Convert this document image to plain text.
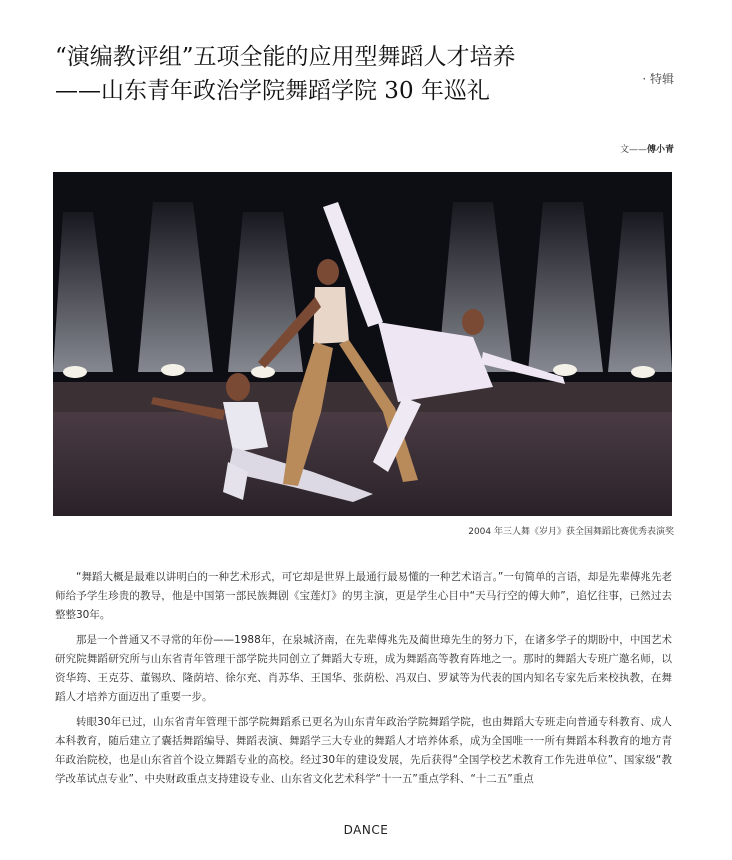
“演编教评组”五项全能的应用型舞蹈人才培养
——山东青年政治学院舞蹈学院 30 年巡礼	· 特辑
文——傅小青
2004 年三人舞《岁月》获全国舞蹈比赛优秀表演奖

“舞蹈大概是最难以讲明白的一种艺术形式，可它却是世界上最通行最易懂的一种艺术语言。”一句简单的言语，却是先辈傅兆先老师给予学生珍贵的教导，他是中国第一部民族舞剧《宝莲灯》的男主演，更是学生心目中“天马行空的傅大帅”，追忆往事，已然过去整整30年。

那是一个普通又不寻常的年份——1988年，在泉城济南，在先辈傅兆先及蔺世璋先生的努力下，在诸多学子的期盼中，中国艺术研究院舞蹈研究所与山东省青年管理干部学院共同创立了舞蹈大专班，成为舞蹈高等教育阵地之一。那时的舞蹈大专班广邀名师，以资华筠、王克芬、董锡玖、隆荫培、徐尔充、肖苏华、王国华、张荫松、冯双白、罗斌等为代表的国内知名专家先后来校执教，在舞蹈人才培养方面迈出了重要一步。

转眼30年已过，山东省青年管理干部学院舞蹈系已更名为山东青年政治学院舞蹈学院，也由舞蹈大专班走向普通专科教育、成人本科教育，随后建立了囊括舞蹈编导、舞蹈表演、舞蹈学三大专业的舞蹈人才培养体系，成为全国唯一一所有舞蹈本科教育的地方青年政治院校，也是山东省首个设立舞蹈专业的高校。经过30年的建设发展，先后获得“全国学校艺术教育工作先进单位”、国家级“教学改革试点专业”、中央财政重点支持建设专业、山东省文化艺术科学“十一五”重点学科、“十二五”重点

DANCE
